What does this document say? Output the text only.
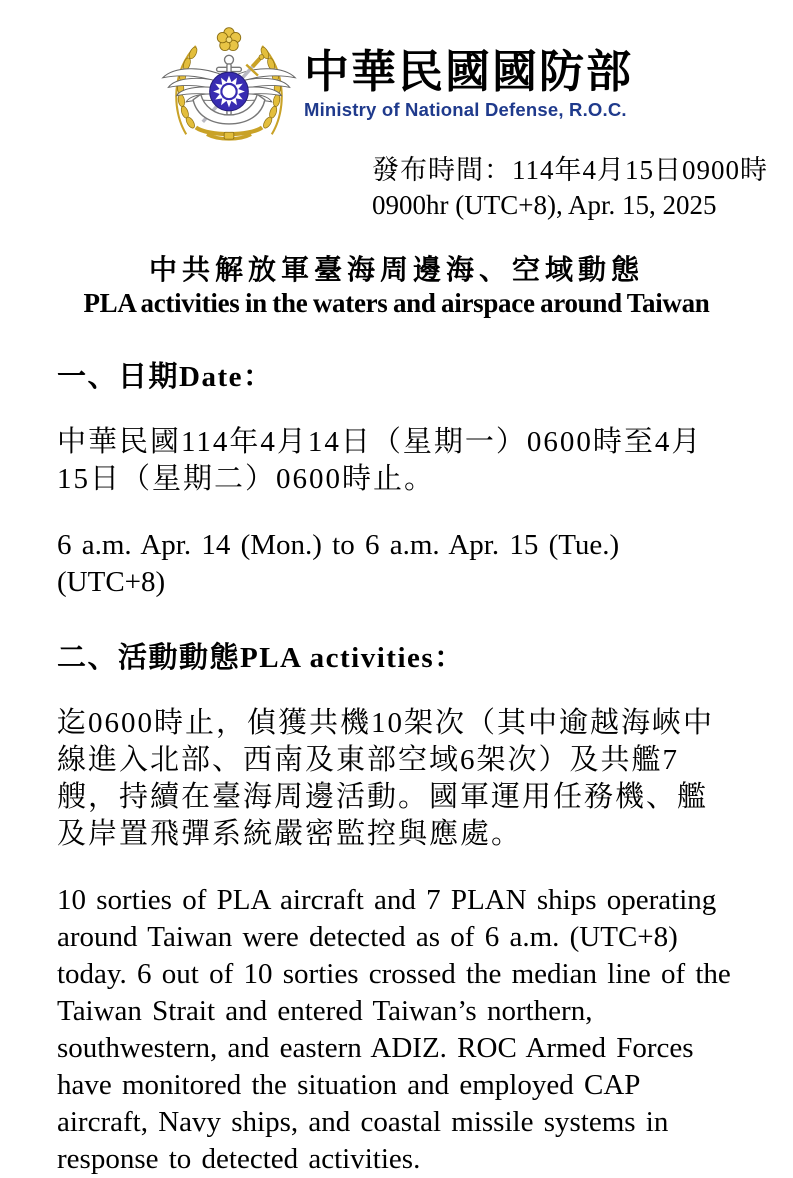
中華民國國防部
Ministry of National Defense, R.O.C.
發布時間：114年4月15日0900時
0900hr (UTC+8), Apr. 15, 2025
中共解放軍臺海周邊海、空域動態
PLA activities in the waters and airspace around Taiwan
一、日期Date：

中華民國114年4月14日（星期一）0600時至4月15日（星期二）0600時止。

6 a.m. Apr. 14 (Mon.) to 6 a.m. Apr. 15 (Tue.) (UTC+8)

二、活動動態PLA activities：

迄0600時止，偵獲共機10架次（其中逾越海峽中線進入北部、西南及東部空域6架次）及共艦7艘，持續在臺海周邊活動。國軍運用任務機、艦及岸置飛彈系統嚴密監控與應處。

10 sorties of PLA aircraft and 7 PLAN ships operating around Taiwan were detected as of 6 a.m. (UTC+8) today. 6 out of 10 sorties crossed the median line of the Taiwan Strait and entered Taiwan’s northern, southwestern, and eastern ADIZ. ROC Armed Forces have monitored the situation and employed CAP aircraft, Navy ships, and coastal missile systems in response to detected activities.
